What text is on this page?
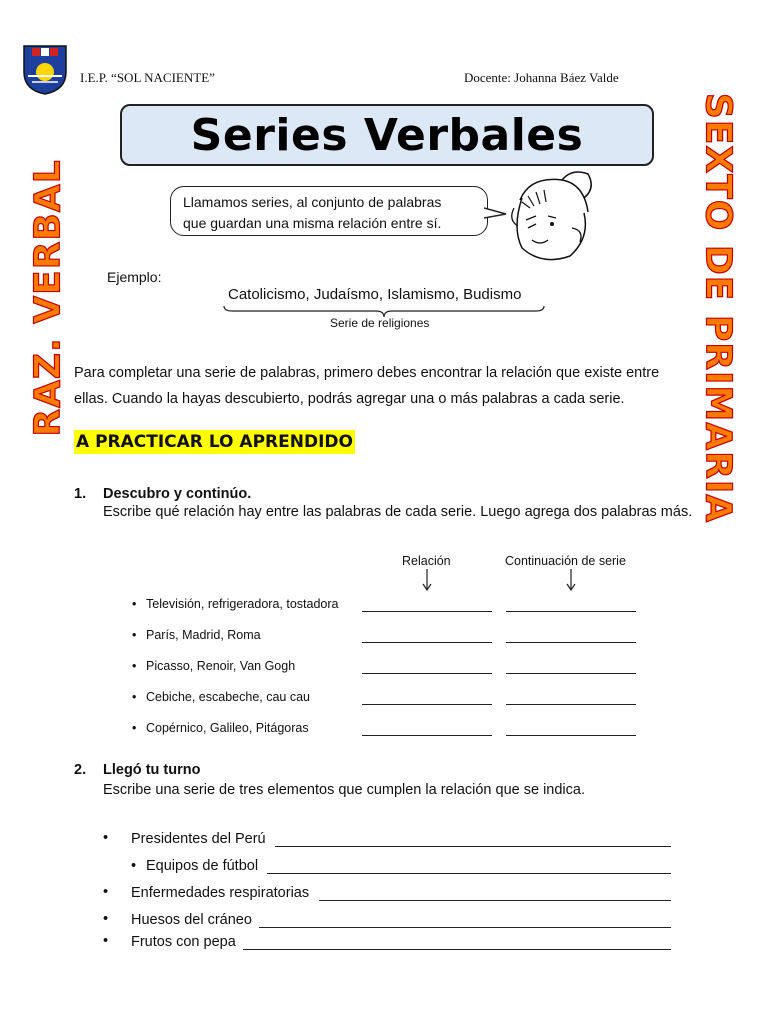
I.E.P. “SOL NACIENTE”	Docente: Johanna Báez Valde
Series Verbales
RAZ. VERBAL	SEXTO DE PRIMARIA
Llamamos series, al conjunto de palabras
que guardan una misma relación entre sí.
Ejemplo:
Catolicismo, Judaísmo, Islamismo, Budismo
Serie de religiones
Para completar una serie de palabras, primero debes encontrar la relación que existe entre
ellas. Cuando la hayas descubierto, podrás agregar una o más palabras a cada serie.
A PRACTICAR LO APRENDIDO
1. Descubro y continúo.
Escribe qué relación hay entre las palabras de cada serie. Luego agrega dos palabras más.
Relación	Continuación de serie
• Televisión, refrigeradora, tostadora
• París, Madrid, Roma
• Picasso, Renoir, Van Gogh
• Cebiche, escabeche, cau cau
• Copérnico, Galileo, Pitágoras
2. Llegó tu turno
Escribe una serie de tres elementos que cumplen la relación que se indica.
• Presidentes del Perú
• Equipos de fútbol
• Enfermedades respiratorias
• Huesos del cráneo
• Frutos con pepa
